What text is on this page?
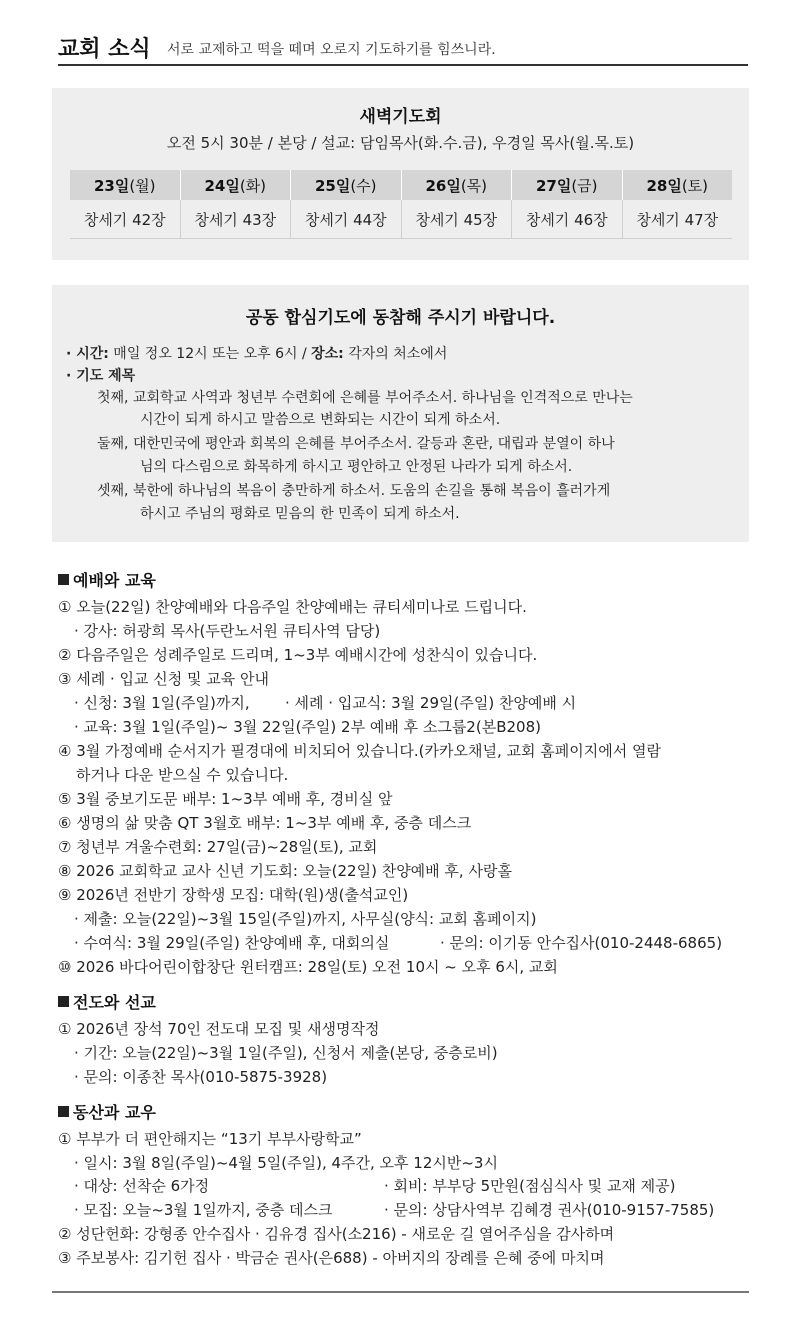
교회 소식 서로 교제하고 떡을 떼며 오로지 기도하기를 힘쓰니라.
새벽기도회
오전 5시 30분 / 본당 / 설교: 담임목사(화.수.금), 우경일 목사(월.목.토)
23일(월)	24일(화)	25일(수)	26일(목)	27일(금)	28일(토)
창세기 42장	창세기 43장	창세기 44장	창세기 45장	창세기 46장	창세기 47장
공동 합심기도에 동참해 주시기 바랍니다.
· 시간: 매일 정오 12시 또는 오후 6시 / 장소: 각자의 처소에서
· 기도 제목
첫째, 교회학교 사역과 청년부 수련회에 은혜를 부어주소서. 하나님을 인격적으로 만나는
시간이 되게 하시고 말씀으로 변화되는 시간이 되게 하소서.
둘째, 대한민국에 평안과 회복의 은혜를 부어주소서. 갈등과 혼란, 대립과 분열이 하나
님의 다스림으로 화목하게 하시고 평안하고 안정된 나라가 되게 하소서.
셋째, 북한에 하나님의 복음이 충만하게 하소서. 도움의 손길을 통해 복음이 흘러가게
하시고 주님의 평화로 믿음의 한 민족이 되게 하소서.
예배와 교육
① 오늘(22일) 찬양예배와 다음주일 찬양예배는 큐티세미나로 드립니다.
· 강사: 허광희 목사(두란노서원 큐티사역 담당)
② 다음주일은 성례주일로 드리며, 1~3부 예배시간에 성찬식이 있습니다.
③ 세례 · 입교 신청 및 교육 안내
· 신청: 3월 1일(주일)까지, · 세례 · 입교식: 3월 29일(주일) 찬양예배 시
· 교육: 3월 1일(주일)~ 3월 22일(주일) 2부 예배 후 소그룹2(본B208)
④ 3월 가정예배 순서지가 필경대에 비치되어 있습니다.(카카오채널, 교회 홈페이지에서 열람
하거나 다운 받으실 수 있습니다.
⑤ 3월 중보기도문 배부: 1~3부 예배 후, 경비실 앞
⑥ 생명의 삶 맞춤 QT 3월호 배부: 1~3부 예배 후, 중층 데스크
⑦ 청년부 겨울수련회: 27일(금)~28일(토), 교회
⑧ 2026 교회학교 교사 신년 기도회: 오늘(22일) 찬양예배 후, 사랑홀
⑨ 2026년 전반기 장학생 모집: 대학(원)생(출석교인)
· 제출: 오늘(22일)~3월 15일(주일)까지, 사무실(양식: 교회 홈페이지)
· 수여식: 3월 29일(주일) 찬양예배 후, 대회의실	· 문의: 이기동 안수집사(010-2448-6865)
⑩ 2026 바다어린이합창단 윈터캠프: 28일(토) 오전 10시 ~ 오후 6시, 교회
전도와 선교
① 2026년 장석 70인 전도대 모집 및 새생명작정
· 기간: 오늘(22일)~3월 1일(주일), 신청서 제출(본당, 중층로비)
· 문의: 이종찬 목사(010-5875-3928)
동산과 교우
① 부부가 더 편안해지는 “13기 부부사랑학교”
· 일시: 3월 8일(주일)~4월 5일(주일), 4주간, 오후 12시반~3시
· 대상: 선착순 6가정	· 회비: 부부당 5만원(점심식사 및 교재 제공)
· 모집: 오늘~3월 1일까지, 중층 데스크	· 문의: 상담사역부 김혜경 권사(010-9157-7585)
② 성단헌화: 강형종 안수집사 · 김유경 집사(소216) - 새로운 길 열어주심을 감사하며
③ 주보봉사: 김기헌 집사 · 박금순 권사(은688) - 아버지의 장례를 은혜 중에 마치며
